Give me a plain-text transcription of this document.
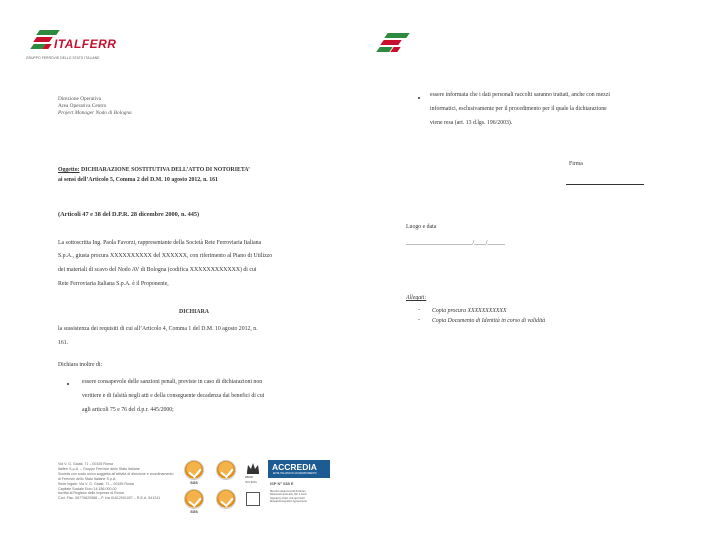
ITALFERR
GRUPPO FERROVIE DELLO STATO ITALIANE
Direzione Operativa
Area Operativa Centro
Project Manager Nodo di Bologna
Oggetto: DICHIARAZIONE SOSTITUTIVA DELL’ATTO DI NOTORIETA’
ai sensi dell’Articolo 5, Comma 2 del D.M. 10 agosto 2012, n. 161
(Articoli 47 e 38 del D.P.R. 28 dicembre 2000, n. 445)
La sottoscritta Ing. Paola Favorzi, rappresentante della Società Rete Ferroviaria Italiana
S.p.A., giusta procura XXXXXXXXXX del XXXXXX, con riferimento al Piano di Utilizzo
dei materiali di scavo del Nodo AV di Bologna (codifica XXXXXXXXXXXX) di cui
Rete Ferroviaria Italiana S.p.A. è il Proponente,
DICHIARA
la sussistenza dei requisiti di cui all’Articolo 4, Comma 1 del D.M. 10 agosto 2012, n.
161.
Dichiara inoltre di:
essere consapevole delle sanzioni penali, previste in caso di dichiarazioni non
veritiere e di falsità negli atti e della conseguente decadenza dai benefici di cui
agli articoli 75 e 76 del d.p.r. 445/2000;
Via V. G. Galati, 71 – 00155 Roma
Italferr S.p.A. – Gruppo Ferrovie dello Stato Italiane
Società con socio unico soggetta all’attività di direzione e coordinamento
di Ferrovie dello Stato Italiane S.p.A.
Sede legale: Via V. G. Galati, 71 – 00155 Roma
Capitale Sociale Euro 14.186.000,00
Iscritta al Registro delle Imprese di Roma
Cod. Fisc. 06770620588 – P. Iva 01612901007 – R.E.A. 541241
SGS
SGS
UKAS
ISO 9001
ACCREDIA
ENTE ITALIANO DI ACCREDITAMENTO
ISP N° 038 E
Membro degli Accordi di Mutuo
Riconoscimento EA, IAF e ILAC
Signatory of EA, IAF and ILAC
Mutual Recognition Agreements
essere informata che i dati personali raccolti saranno trattati, anche con mezzi
informatici, esclusivamente per il procedimento per il quale la dichiarazione
viene resa (art. 13 d.lgs. 196/2003).
Firma
Luogo e data
_______________________/____/______
Allegati:
- Copia procura XXXXXXXXXXX
- Copia Documento di Identità in corso di validità
